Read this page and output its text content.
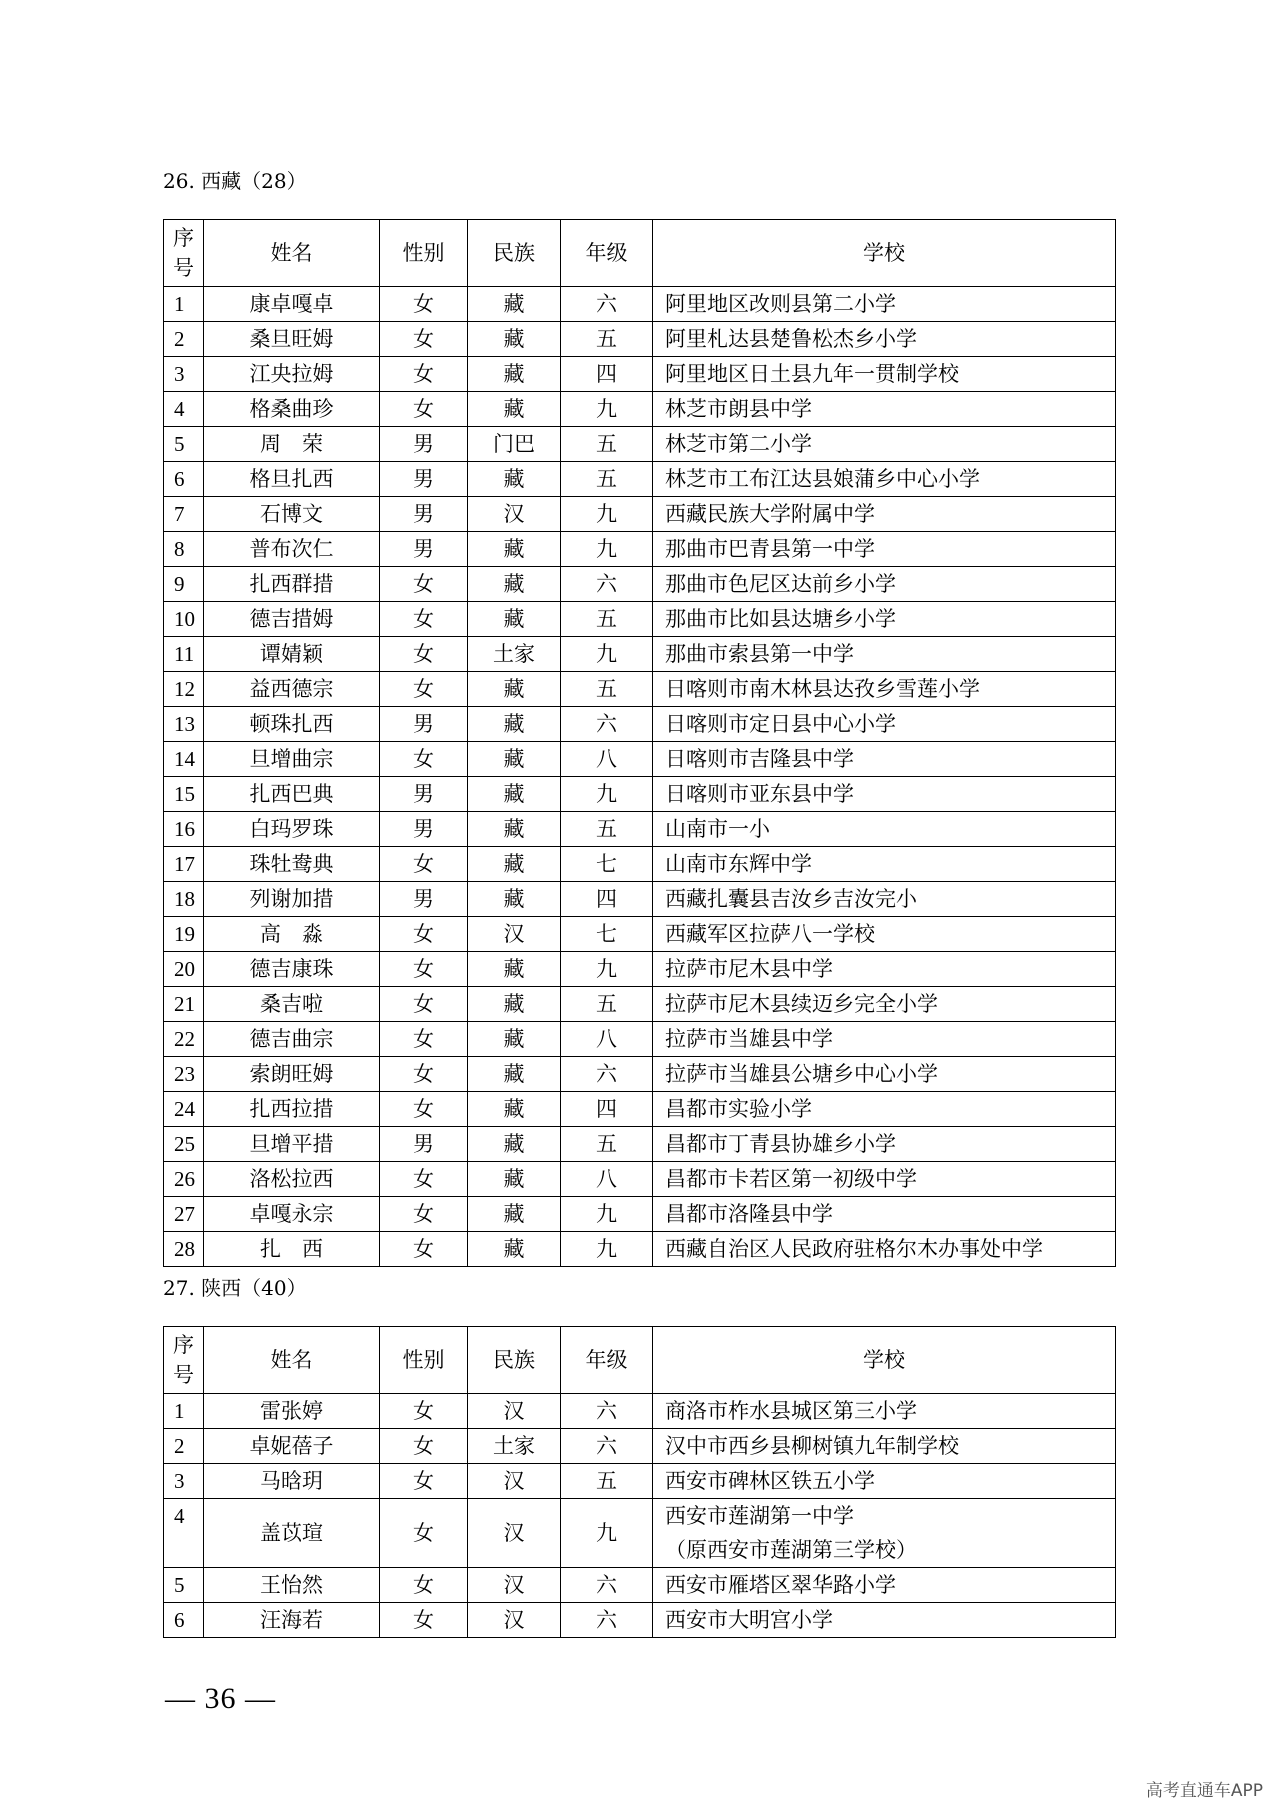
26. 西藏（28）
序
号	姓名	性别	民族	年级	学校
1	康卓嘎卓	女	藏	六	阿里地区改则县第二小学
2	桑旦旺姆	女	藏	五	阿里札达县楚鲁松杰乡小学
3	江央拉姆	女	藏	四	阿里地区日土县九年一贯制学校
4	格桑曲珍	女	藏	九	林芝市朗县中学
5	周　荣	男	门巴	五	林芝市第二小学
6	格旦扎西	男	藏	五	林芝市工布江达县娘蒲乡中心小学
7	石博文	男	汉	九	西藏民族大学附属中学
8	普布次仁	男	藏	九	那曲市巴青县第一中学
9	扎西群措	女	藏	六	那曲市色尼区达前乡小学
10	德吉措姆	女	藏	五	那曲市比如县达塘乡小学
11	谭婧颖	女	土家	九	那曲市索县第一中学
12	益西德宗	女	藏	五	日喀则市南木林县达孜乡雪莲小学
13	顿珠扎西	男	藏	六	日喀则市定日县中心小学
14	旦增曲宗	女	藏	八	日喀则市吉隆县中学
15	扎西巴典	男	藏	九	日喀则市亚东县中学
16	白玛罗珠	男	藏	五	山南市一小
17	珠牡鸯典	女	藏	七	山南市东辉中学
18	列谢加措	男	藏	四	西藏扎囊县吉汝乡吉汝完小
19	高　淼	女	汉	七	西藏军区拉萨八一学校
20	德吉康珠	女	藏	九	拉萨市尼木县中学
21	桑吉啦	女	藏	五	拉萨市尼木县续迈乡完全小学
22	德吉曲宗	女	藏	八	拉萨市当雄县中学
23	索朗旺姆	女	藏	六	拉萨市当雄县公塘乡中心小学
24	扎西拉措	女	藏	四	昌都市实验小学
25	旦增平措	男	藏	五	昌都市丁青县协雄乡小学
26	洛松拉西	女	藏	八	昌都市卡若区第一初级中学
27	卓嘎永宗	女	藏	九	昌都市洛隆县中学
28	扎　西	女	藏	九	西藏自治区人民政府驻格尔木办事处中学
27. 陕西（40）
序
号	姓名	性别	民族	年级	学校
1	雷张婷	女	汉	六	商洛市柞水县城区第三小学
2	卓妮蓓子	女	土家	六	汉中市西乡县柳树镇九年制学校
3	马晗玥	女	汉	五	西安市碑林区铁五小学
4	盖苡瑄	女	汉	九	西安市莲湖第一中学
（原西安市莲湖第三学校）
5	王怡然	女	汉	六	西安市雁塔区翠华路小学
6	汪海若	女	汉	六	西安市大明宫小学
— 36 —
高考直通车APP
